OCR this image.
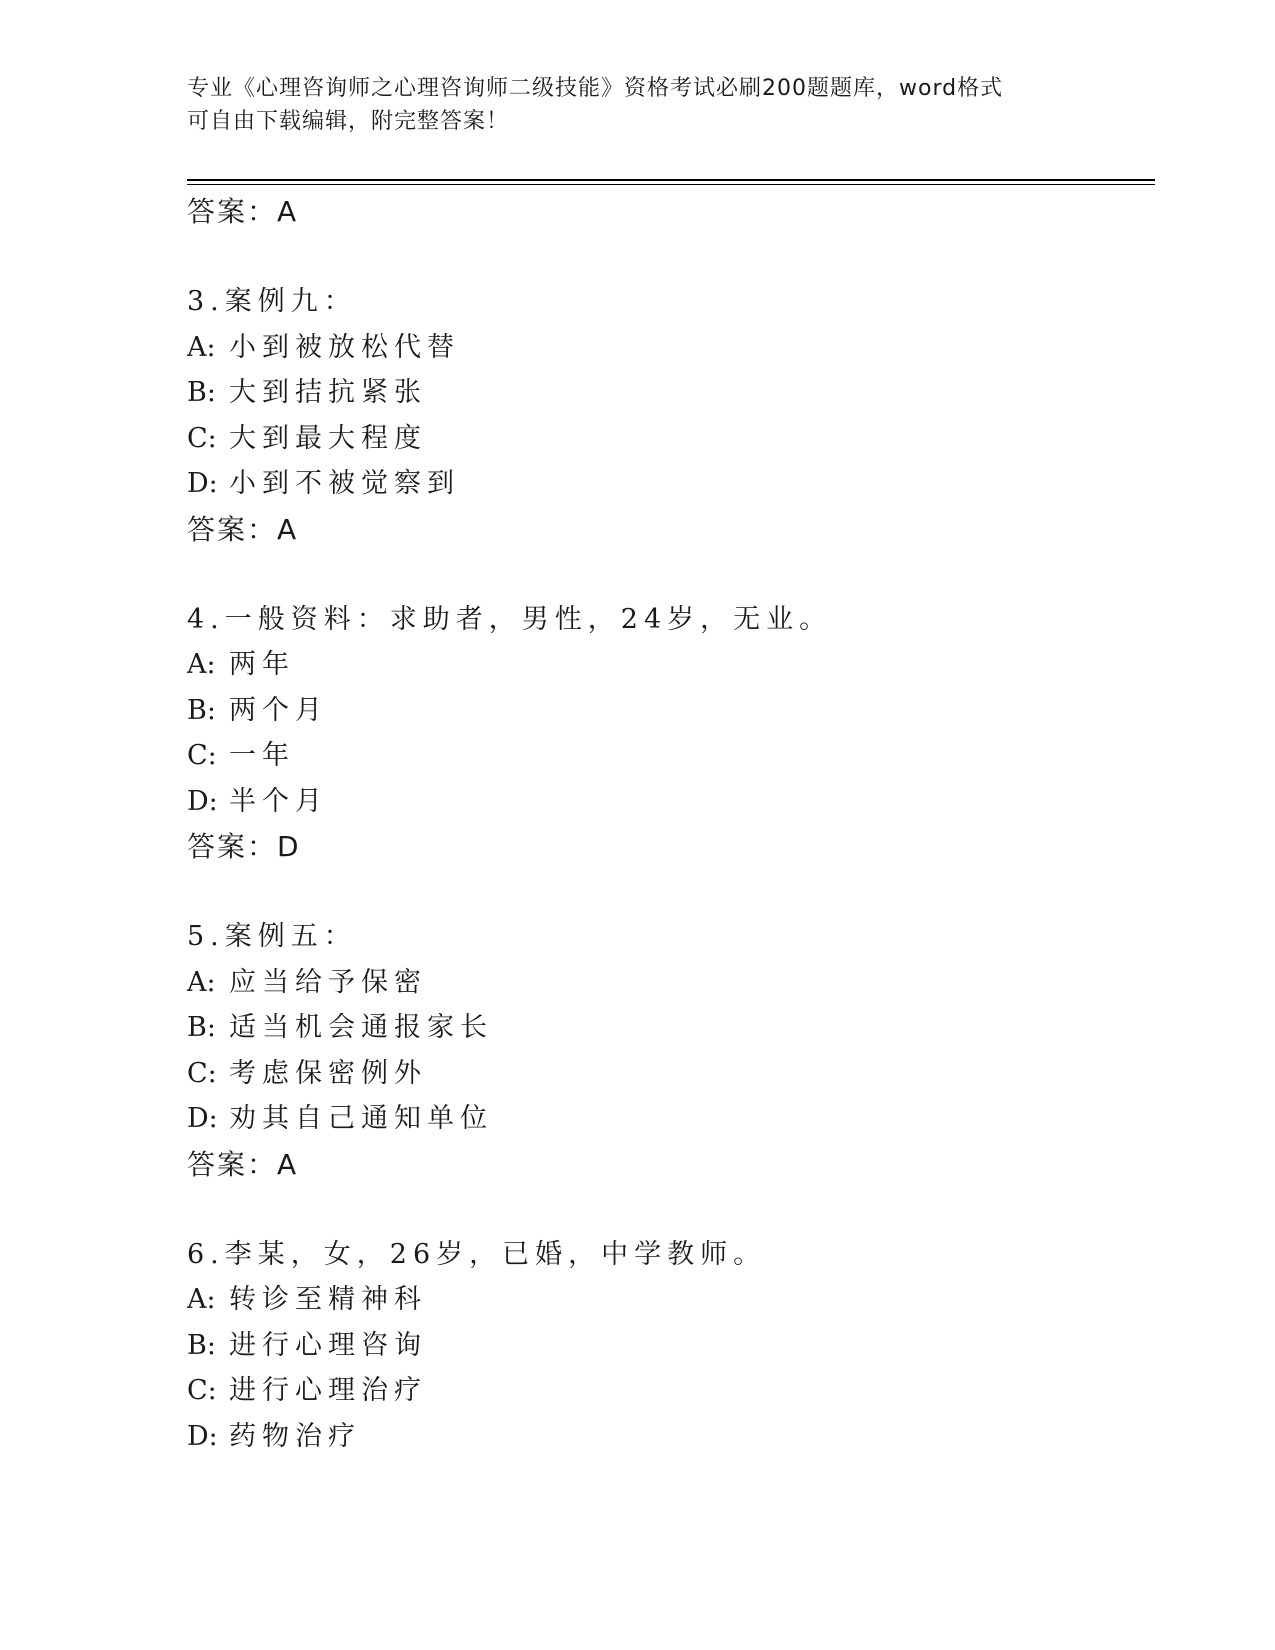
专业《心理咨询师之心理咨询师二级技能》资格考试必刷200题题库，word格式
可自由下载编辑，附完整答案！
答案：A
3.案例九：
A: 小到被放松代替
B: 大到拮抗紧张
C: 大到最大程度
D: 小到不被觉察到
答案：A
4.一般资料：求助者，男性，24岁，无业。
A: 两年
B: 两个月
C: 一年
D: 半个月
答案：D
5.案例五：
A: 应当给予保密
B: 适当机会通报家长
C: 考虑保密例外
D: 劝其自己通知单位
答案：A
6.李某，女，26岁，已婚，中学教师。
A: 转诊至精神科
B: 进行心理咨询
C: 进行心理治疗
D: 药物治疗
